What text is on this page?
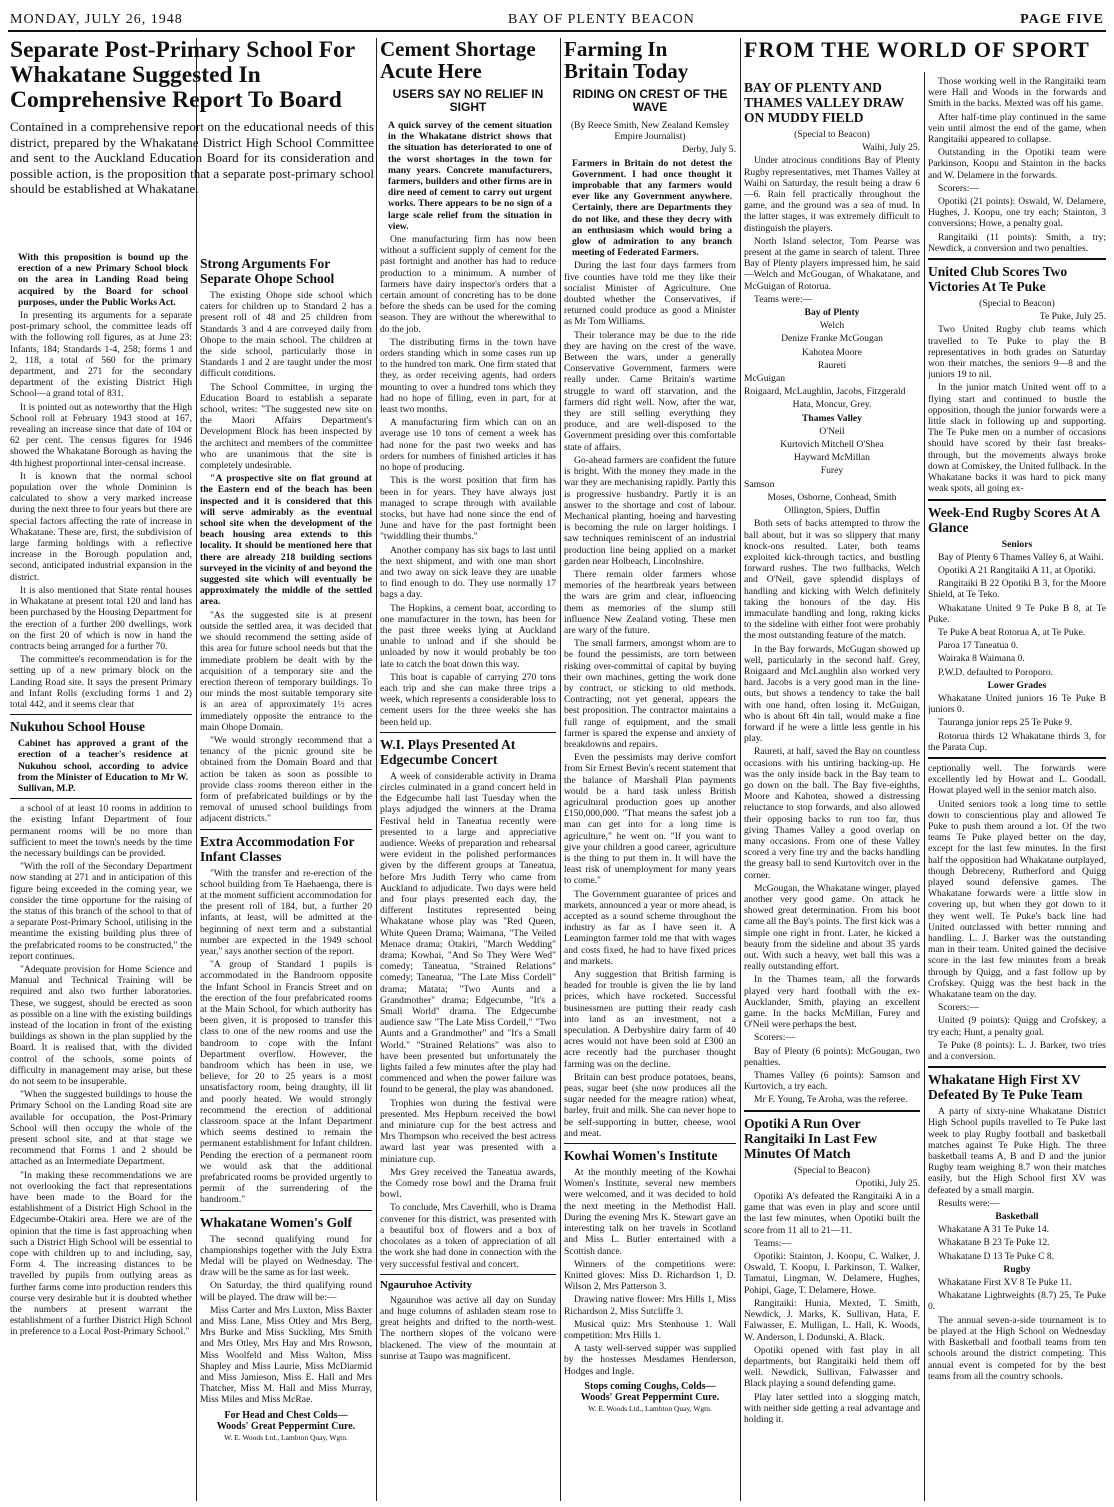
MONDAY, JULY 26, 1948	BAY OF PLENTY BEACON	PAGE FIVE
Separate Post-Primary School For Whakatane Suggested In Comprehensive Report To Board
Contained in a comprehensive report on the educational needs of this district, prepared by the Whakatane District High School Committee and sent to the Auckland Education Board for its consideration and possible action, is the proposition that a separate post-primary school should be established at Whakatane.

With this proposition is bound up the erection of a new Primary School block on the area in Landing Road being acquired by the Board for school purposes, under the Public Works Act.

In presenting its arguments for a separate post-primary school, the committee leads off with the following roll figures, as at June 23: Infants, 184; Standards 1-4, 258; forms 1 and 2, 118, a total of 560 for the primary department, and 271 for the secondary department of the existing District High School—a grand total of 831.

It is pointed out as noteworthy that the High School roll at February 1943 stood at 167, revealing an increase since that date of 104 or 62 per cent. The census figures for 1946 showed the Whakatane Borough as having the 4th highest proportional inter-censal increase.

It is known that the normal school population over the whole Dominion is calculated to show a very marked increase during the next three to four years but there are special factors affecting the rate of increase in Whakatane. These are, first, the subdivision of large farming holdings with a reflective increase in the Borough population and, second, anticipated industrial expansion in the district.

It is also mentioned that State rental houses in Whakatane at present total 120 and land has been purchased by the Housing Department for the erection of a further 200 dwellings, work on the first 20 of which is now in hand the contracts being arranged for a further 70.

The committee's recommendation is for the setting up of a new primary block on the Landing Road site. It says the present Primary and Infant Rolls (excluding forms 1 and 2) total 442, and it seems clear that

Nukuhou School House

Cabinet has approved a grant of the erection of a teacher's residence at Nukuhou school, according to advice from the Minister of Education to Mr W. Sullivan, M.P.

a school of at least 10 rooms in addition to the existing Infant Department of four permanent rooms will be no more than sufficient to meet the town's needs by the time the necessary buildings can be provided.

"With the roll of the Secondary Department now standing at 271 and in anticipation of this figure being exceeded in the coming year, we consider the time opportune for the raising of the status of this branch of the school to that of a separate Post-Primary School, utilising in the meantime the existing building plus three of the prefabricated rooms to be constructed," the report continues.

"Adequate provision for Home Science and Manual and Technical Training will be required and also two further laboratories. These, we suggest, should be erected as soon as possible on a line with the existing buildings instead of the location in front of the existing buildings as shown in the plan supplied by the Board. It is realised that, with the divided control of the schools, some points of difficulty in management may arise, but these do not seem to be insuperable.

"When the suggested buildings to house the Primary School on the Landing Road site are available for occupation, the Post-Primary School will then occupy the whole of the present school site, and at that stage we recommend that Forms 1 and 2 should be attached as an Intermediate Department.

"In making these recommendations we are not overlooking the fact that representations have been made to the Board for the establishment of a District High School in the Edgecumbe-Otakiri area. Here we are of the opinion that the time is fast approaching when such a District High School will be essential to cope with children up to and including, say, Form 4. The increasing distances to be travelled by pupils from outlying areas as further farms come into production renders this course very desirable but it is doubted whether the numbers at present warrant the establishment of a further District High School in preference to a Local Post-Primary School."

Strong Arguments For Separate Ohope School

The existing Ohope side school which caters for children up to Standard 2 has a present roll of 48 and 25 children from Standards 3 and 4 are conveyed daily from Ohope to the main school. The children at the side school, particularly those in Standards 1 and 2 are taught under the most difficult conditions.

The School Committee, in urging the Education Board to establish a separate school, writes: "The suggested new site on the Maori Affairs Department's Development Block has been inspected by the architect and members of the committee who are unanimous that the site is completely undesirable.

"A prospective site on flat ground at the Eastern end of the beach has been inspected and it is considered that this will serve admirably as the eventual school site when the development of the beach housing area extends to this locality. It should be mentioned here that there are already 218 building sections surveyed in the vicinity of and beyond the suggested site which will eventually be approximately the middle of the settled area.

"As the suggested site is at present outside the settled area, it was decided that we should recommend the setting aside of this area for future school needs but that the immediate problem be dealt with by the acquisition of a temporary site and the erection thereon of temporary buildings. To our minds the most suitable temporary site is an area of approximately 1½ acres immediately opposite the entrance to the main Ohope Domain.

"We would strongly recommend that a tenancy of the picnic ground site be obtained from the Domain Board and that action be taken as soon as possible to provide class rooms thereon either in the form of prefabricated buildings or by the removal of unused school buildings from adjacent districts."

Extra Accommodation For Infant Classes

"With the transfer and re-erection of the school building from Te Haehaenga, there is at the moment sufficient accommodation for the present roll of 184, but, a further 20 infants, at least, will be admitted at the beginning of next term and a substantial number are expected in the 1949 school year," says another section of the report.

"A group of Standard 1 pupils is accommodated in the Bandroom opposite the Infant School in Francis Street and on the erection of the four prefabricated rooms at the Main School, for which authority has been given, it is proposed to transfer this class to one of the new rooms and use the bandroom to cope with the Infant Department overflow. However, the bandroom which has been in use, we believe, for 20 to 25 years is a most unsatisfactory room, being draughty, ill lit and poorly heated. We would strongly recommend the erection of additional classroom space at the Infant Department which seems destined to remain the permanent establishment for Infant children. Pending the erection of a permanent room we would ask that the additional prefabricated rooms be provided urgently to permit of the surrendering of the bandroom."

Whakatane Women's Golf

The second qualifying round for championships together with the July Extra Medal will be played on Wednesday. The draw will be the same as for last week.

On Saturday, the third qualifying round will be played. The draw will be:—

Miss Carter and Mrs Luxton, Miss Baxter and Miss Lane, Miss Otley and Mrs Berg, Mrs Burke and Miss Suckling, Mrs Smith and Mrs Otley, Mrs Hay and Mrs Rowson, Miss Woolfeld and Miss Walton, Miss Shapley and Miss Laurie, Miss McDiarmid and Miss Jamieson, Miss E. Hall and Mrs Thatcher, Miss M. Hall and Miss Murray, Miss Miles and Miss McRae.

For Head and Chest Colds—
Woods' Great Peppermint Cure.
W. E. Woods Ltd., Lambton Quay, Wgtn.
Cement Shortage Acute Here
USERS SAY NO RELIEF IN SIGHT

A quick survey of the cement situation in the Whakatane district shows that the situation has deteriorated to one of the worst shortages in the town for many years. Concrete manufacturers, farmers, builders and other firms are in dire need of cement to carry out urgent works. There appears to be no sign of a large scale relief from the situation in view.

One manufacturing firm has now been without a sufficient supply of cement for the past fortnight and another has had to reduce production to a minimum. A number of farmers have dairy inspector's orders that a certain amount of concreting has to be done before the sheds can be used for the coming season. They are without the wherewithal to do the job.

The distributing firms in the town have orders standing which in some cases run up to the hundred ton mark. One firm stated that they, as order receiving agents, had orders mounting to over a hundred tons which they had no hope of filling, even in part, for at least two months.

A manufacturing firm which can on an average use 10 tons of cement a week has had none for the past two weeks and has orders for numbers of finished articles it has no hope of producing.

This is the worst position that firm has been in for years. They have always just managed to scrape through with available stocks, but have had none since the end of June and have for the past fortnight been "twiddling their thumbs."

Another company has six bags to last until the next shipment, and with one man short and two away on sick leave they are unable to find enough to do. They use normally 17 bags a day.

The Hopkins, a cement boat, according to one manufacturer in the town, has been for the past three weeks lying at Auckland unable to unload and if she should be unloaded by now it would probably be too late to catch the boat down this way.

This boat is capable of carrying 270 tons each trip and she can make three trips a week, which represents a considerable loss to cement users for the three weeks she has been held up.

W.I. Plays Presented At Edgecumbe Concert

A week of considerable activity in Drama circles culminated in a grand concert held in the Edgecumbe hall last Tuesday when the plays adjudged the winners at the Drama Festival held in Taneatua recently were presented to a large and appreciative audience. Weeks of preparation and rehearsal were evident in the polished performances given by the different groups at Taneatua, before Mrs Judith Terry who came from Auckland to adjudicate. Two days were held and four plays presented each day, the different Institutes represented being Whakatane whose play was "Red Queen, White Queen Drama; Waimana, "The Veiled Menace drama; Otakiri, "March Wedding" drama; Kowhai, "And So They Were Wed" comedy; Taneatua, "Strained Relations" comedy; Taneatua, "The Late Miss Cordell" drama; Matata; "Two Aunts and a Grandmother" drama; Edgecumbe, "It's a Small World" drama. The Edgecumbe audience saw "The Late Miss Cordell," "Two Aunts and a Grandmother" and "It's a Small World." "Strained Relations" was also to have been presented but unfortunately the lights failed a few minutes after the play had commenced and when the power failure was found to be general, the play was abandoned.

Trophies won during the festival were presented. Mrs Hepburn received the bowl and miniature cup for the best actress and Mrs Thompson who received the best actress award last year was presented with a miniature cup.

Mrs Grey received the Taneatua awards, the Comedy rose bowl and the Drama fruit bowl.

To conclude, Mrs Caverhill, who is Drama convener for this district, was presented with a beautiful box of flowers and a box of chocolates as a token of appreciation of all the work she had done in connection with the very successful festival and concert.

Ngauruhoe Activity

Ngauruhoe was active all day on Sunday and huge columns of ashladen steam rose to great heights and drifted to the north-west. The northern slopes of the volcano were blackened. The view of the mountain at sunrise at Taupo was magnificent.

Farming In Britain Today
RIDING ON CREST OF THE WAVE

(By Reece Smith, New Zealand Kemsley Empire Journalist)

Derby, July 5.

Farmers in Britain do not detest the Government. I had once thought it improbable that any farmers would ever like any Government anywhere. Certainly, there are Departments they do not like, and these they decry with an enthusiasm which would bring a glow of admiration to any branch meeting of Federated Farmers.

During the last four days farmers from five counties have told me they like their socialist Minister of Agriculture. One doubted whether the Conservatives, if returned could produce as good a Minister as Mr Tom Williams.

Their tolerance may be due to the ride they are having on the crest of the wave. Between the wars, under a generally Conservative Government, farmers were really under. Came Britain's wartime struggle to ward off starvation, and the farmers did right well. Now, after the war, they are still selling everything they produce, and are well-disposed to the Government presiding over this comfortable state of affairs.

Go-ahead farmers are confident the future is bright. With the money they made in the war they are mechanising rapidly. Partly this is progressive husbandry. Partly it is an answer to the shortage and cost of labour. Mechanical planting, hoeing and harvesting is becoming the rule on larger holdings. I saw techniques reminiscent of an industrial production line being applied on a market garden near Holbeach, Lincolnshire.

There remain older farmers whose memories of the heartbreak years between the wars are grim and clear, influencing them as memories of the slump still influence New Zealand voting. These men are wary of the future.

The small farmers, amongst whom are to be found the pessimists, are torn between risking over-committal of capital by buying their own machines, getting the work done by contract, or sticking to old methods. Contracting, not yet general, appears the best proposition. The contractor maintains a full range of equipment, and the small farmer is spared the expense and anxiety of breakdowns and repairs.

Even the pessimists may derive comfort from Sir Ernest Bevin's recent statement that the balance of Marshall Plan payments would be a hard task unless British agricultural production goes up another £150,000,000. "That means the safest job a man can get into for a long time is agriculture," he went on. "If you want to give your children a good career, agriculture is the thing to put them in. It will have the least risk of unemployment for many years to come."

The Government guarantee of prices and markets, announced a year or more ahead, is accepted as a sound scheme throughout the industry as far as I have seen it. A Leamington farmer told me that with wages and costs fixed, he had to have fixed prices and markets.

Any suggestion that British farming is headed for trouble is given the lie by land prices, which have rocketed. Successful businessmen are putting their ready cash into land as an investment, not a speculation. A Derbyshire dairy farm of 40 acres would not have been sold at £300 an acre recently had the purchaser thought farming was on the decline.

Britain can best produce potatoes, beans, peas, sugar beet (she now produces all the sugar needed for the meagre ration) wheat, barley, fruit and milk. She can never hope to be self-supporting in butter, cheese, wool and meat.

Kowhai Women's Institute

At the monthly meeting of the Kowhai Women's Institute, several new members were welcomed, and it was decided to hold the next meeting in the Methodist Hall. During the evening Mrs K. Stewart gave an interesting talk on her travels in Scotland and Miss L. Butler entertained with a Scottish dance.

Winners of the competitions were: Knitted gloves: Miss D. Richardson 1, D. Wilson 2, Mrs Patterson 3.

Drawing native flower: Mrs Hills 1, Miss Richardson 2, Miss Sutcliffe 3.

Musical quiz: Mrs Stenhouse 1. Wall competition: Mrs Hills 1.

A tasty well-served supper was supplied by the hostesses Mesdames Henderson, Hodges and Ingle.

Stops coming Coughs, Colds—
Woods' Great Peppermint Cure.
W. E. Woods Ltd., Lambton Quay, Wgtn.
FROM THE WORLD OF SPORT
BAY OF PLENTY AND THAMES VALLEY DRAW ON MUDDY FIELD

(Special to Beacon)

Waihi, July 25.

Under atrocious conditions Bay of Plenty Rugby representatives, met Thames Valley at Waihi on Saturday, the result being a draw 6—6. Rain fell practically throughout the game, and the ground was a sea of mud. In the latter stages, it was extremely difficult to distinguish the players.

North Island selector, Tom Pearse was present at the game in search of talent. Three Bay of Plenty players impressed him, he said—Welch and McGougan, of Whakatane, and McGuigan of Rotorua.

Teams were:—

Bay of Plenty

Welch

Denize Franke McGougan

Kahotea Moore

Raureti

McGuigan

Roigaard, McLaughlin, Jacobs, Fitzgerald

Hata, Moncur, Grey.

Thames Valley

O'Neil

Kurtovich Mitchell O'Shea

Hayward McMillan

Furey

Samson

Moses, Osborne, Conhead, Smith

Ollington, Spiers, Duffin

Both sets of backs attempted to throw the ball about, but it was so slippery that many knock-ons resulted. Later, both teams exploited kick-through tactics, and bustling forward rushes. The two fullbacks, Welch and O'Neil, gave splendid displays of handling and kicking with Welch definitely taking the honours of the day. His immaculate handling and long, raking kicks to the sideline with either foot were probably the most outstanding feature of the match.

In the Bay forwards, McGugan showed up well, particularly in the second half. Grey, Roigaard and McLaughlin also worked very hard. Jacobs is a very good man in the line-outs, but shows a tendency to take the ball with one hand, often losing it. McGuigan, who is about 6ft 4in tall, would make a fine forward if he were a little less gentle in his play.

Raureti, at half, saved the Bay on countless occasions with his untiring backing-up. He was the only inside back in the Bay team to go down on the ball. The Bay five-eighths, Moore and Kahotea, showed a distressing reluctance to stop forwards, and also allowed their opposing backs to run too far, thus giving Thames Valley a good overlap on many occasions. From one of these Valley scored a very fine try and the backs handling the greasy ball to send Kurtovitch over in the corner.

McGougan, the Whakatane winger, played another very good game. On attack he showed great determination. From his boot came all the Bay's points. The first kick was a simple one right in front. Later, he kicked a beauty from the sideline and about 35 yards out. With such a heavy, wet ball this was a really outstanding effort.

In the Thames team, all the forwards played very hard football with the ex-Aucklander, Smith, playing an excellent game. In the backs McMillan, Furey and O'Neil were perhaps the best.

Scorers:—

Bay of Plenty (6 points): McGougan, two penalties.

Thames Valley (6 points): Samson and Kurtovich, a try each.

Mr F. Young, Te Aroha, was the referee.

Opotiki A Run Over Rangitaiki In Last Few Minutes Of Match

(Special to Beacon)

Opotiki, July 25.

Opotiki A's defeated the Rangitaiki A in a game that was even in play and score until the last few minutes, when Opotiki built the score from 11 all to 21—11.

Teams:—

Opotiki: Stainton, J. Koopu, C. Walker, J. Oswald, T. Koopu, I. Parkinson, T. Walker, Tamatui, Lingman, W. Delamere, Hughes, Pohipi, Gage, T. Delamere, Howe.

Rangitaiki: Hunia, Mexted, T. Smith, Newdick, J. Marks, K. Sullivan, Hata, F. Falwasser, E. Mulligan, L. Hall, K. Woods, W. Anderson, I. Dodunski, A. Black.

Opotiki opened with fast play in all departments, but Rangitaiki held them off well. Newdick, Sullivan, Falwasser and Black playing a sound defending game.

Play later settled into a slogging match, with neither side getting a real advantage and holding it.

Those working well in the Rangitaiki team were Hall and Woods in the forwards and Smith in the backs. Mexted was off his game.

After half-time play continued in the same vein until almost the end of the game, when Rangitaiki appeared to collapse.

Outstanding in the Opotiki team were Parkinson, Koopu and Stainton in the backs and W. Delamere in the forwards.

Scorers:—

Opotiki (21 points): Oswald, W. Delamere, Hughes, J. Koopu, one try each; Stainton, 3 conversions; Howe, a penalty goal.

Rangitaiki (11 points): Smith, a try; Newdick, a conversion and two penalties.

United Club Scores Two Victories At Te Puke

(Special to Beacon)

Te Puke, July 25.

Two United Rugby club teams which travelled to Te Puke to play the B representatives in both grades on Saturday won their matches, the seniors 9—8 and the juniors 19 to nil.

In the junior match United went off to a flying start and continued to bustle the opposition, though the junior forwards were a little slack in following up and supporting. The Te Puke men on a number of occasions should have scored by their fast breaks-through, but the movements always broke down at Comiskey, the United fullback. In the Whakatane backs it was hard to pick many weak spots, all going ex-

Week-End Rugby Scores At A Glance

Seniors

Bay of Plenty 6 Thames Valley 6, at Waihi.

Opotiki A 21 Rangitaiki A 11, at Opotiki.

Rangitaiki B 22 Opotiki B 3, for the Moore Shield, at Te Teko.

Whakatane United 9 Te Puke B 8, at Te Puke.

Te Puke A beat Rotorua A, at Te Puke.

Paroa 17 Taneatua 0.

Wairaka 8 Waimana 0.

P.W.D. defaulted to Poroporo.

Lower Grades

Whakatane United juniors 16 Te Puke B juniors 0.

Tauranga junior reps 25 Te Puke 9.

Rotorua thirds 12 Whakatane thirds 3, for the Parata Cup.

ceptionally well. The forwards were excellently led by Howat and L. Goodall. Howat played well in the senior match also.

United seniors took a long time to settle down to conscientious play and allowed Te Puke to push them around a lot. Of the two teams Te Puke played better on the day, except for the last few minutes. In the first half the opposition had Whakatane outplayed, though Debreceny, Rutherford and Quigg played sound defensive games. The Whakatane forwards were a little slow in covering up, but when they got down to it they went well. Te Puke's back line had United outclassed with better running and handling. L. J. Barker was the outstanding man in their team. United gained the decisive score in the last few minutes from a break through by Quigg, and a fast follow up by Crofskey. Quigg was the best back in the Whakatane team on the day.

Scorers:—

United (9 points): Quigg and Crofskey, a try each; Hunt, a penalty goal.

Te Puke (8 points): L. J. Barker, two tries and a conversion.

Whakatane High First XV Defeated By Te Puke Team

A party of sixty-nine Whakatane District High School pupils travelled to Te Puke last week to play Rugby football and basketball matches against Te Puke High. The three basketball teams A, B and D and the junior Rugby team weighing 8.7 won their matches easily, but the High School first XV was defeated by a small margin.

Results were:—

Basketball

Whakatane A 31 Te Puke 14.

Whakatane B 23 Te Puke 12.

Whakatane D 13 Te Puke C 8.

Rugby

Whakatane First XV 8 Te Puke 11.

Whakatane Lightweights (8.7) 25, Te Puke 0.

The annual seven-a-side tournament is to be played at the High School on Wednesday with Basketball and football teams from ten schools around the district competing. This annual event is competed for by the best teams from all the country schools.
